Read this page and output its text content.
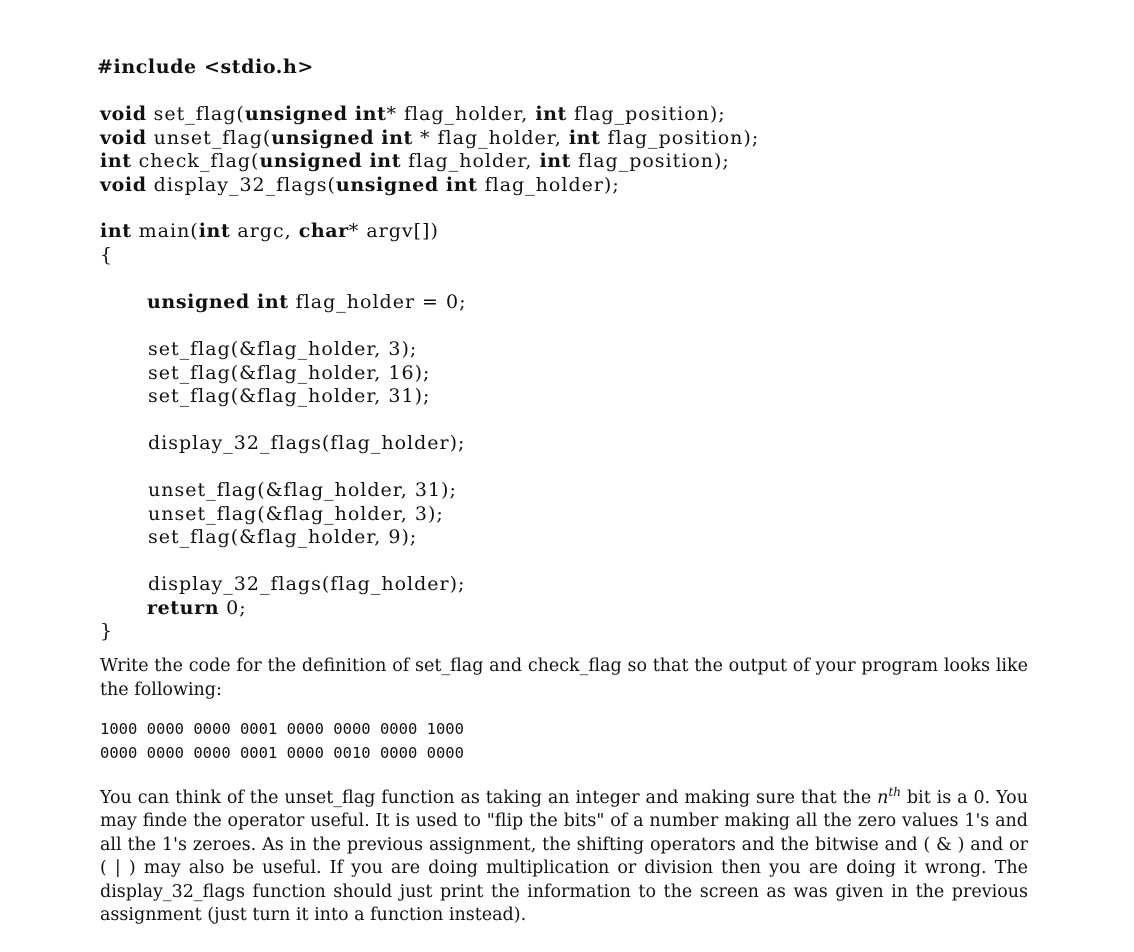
#include <stdio.h>
void set_flag(unsigned int* flag_holder, int flag_position);
void unset_flag(unsigned int * flag_holder, int flag_position);
int check_flag(unsigned int flag_holder, int flag_position);
void display_32_flags(unsigned int flag_holder);
int main(int argc, char* argv[])
{
unsigned int flag_holder = 0;
set_flag(&flag_holder, 3);
set_flag(&flag_holder, 16);
set_flag(&flag_holder, 31);
display_32_flags(flag_holder);
unset_flag(&flag_holder, 31);
unset_flag(&flag_holder, 3);
set_flag(&flag_holder, 9);
display_32_flags(flag_holder);
return 0;
}
Write the code for the definition of set_flag and check_flag so that the output of your program looks like the following:
1000 0000 0000 0001 0000 0000 0000 1000
0000 0000 0000 0001 0000 0010 0000 0000
You can think of the unset_flag function as taking an integer and making sure that the $n^{th}$ bit is a 0. You may finde the operator useful. It is used to "flip the bits" of a number making all the zero values 1's and all the 1's zeroes. As in the previous assignment, the shifting operators and the bitwise and ( & ) and or ( | ) may also be useful. If you are doing multiplication or division then you are doing it wrong. The display_32_flags function should just print the information to the screen as was given in the previous assignment (just turn it into a function instead).
